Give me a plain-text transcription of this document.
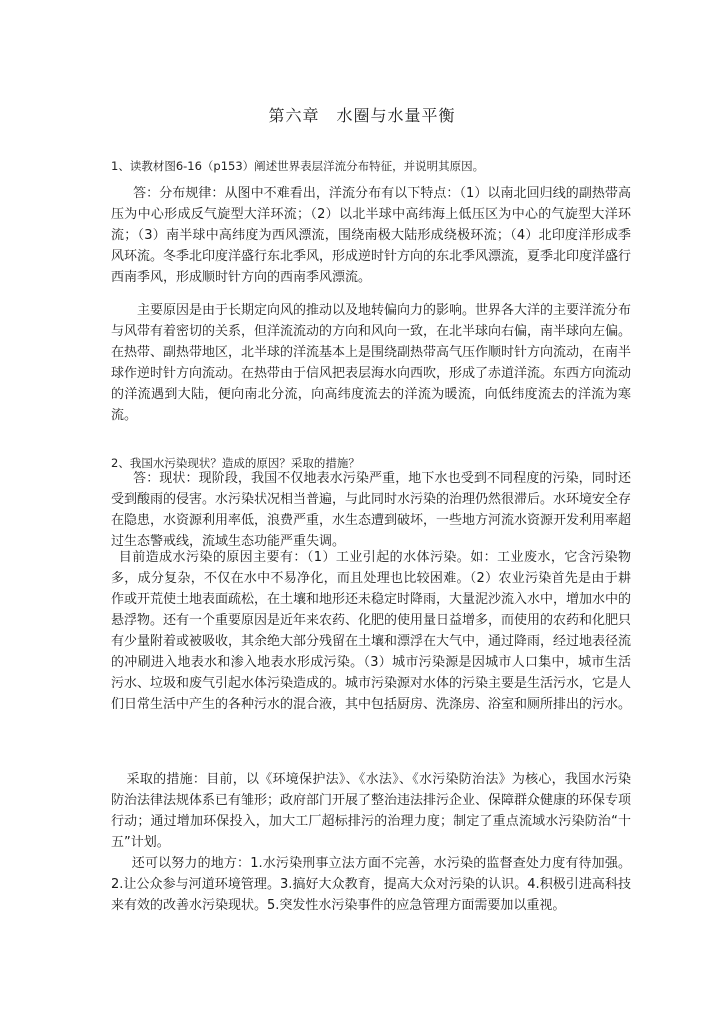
第六章　水圈与水量平衡
1、读教材图6-16（p153）阐述世界表层洋流分布特征，并说明其原因。
答：分布规律：从图中不难看出，洋流分布有以下特点：（1）以南北回归线的副热带高压为中心形成反气旋型大洋环流；（2）以北半球中高纬海上低压区为中心的气旋型大洋环流；（3）南半球中高纬度为西风漂流，围绕南极大陆形成绕极环流；（4）北印度洋形成季风环流。冬季北印度洋盛行东北季风，形成逆时针方向的东北季风漂流，夏季北印度洋盛行西南季风，形成顺时针方向的西南季风漂流。
主要原因是由于长期定向风的推动以及地转偏向力的影响。世界各大洋的主要洋流分布与风带有着密切的关系，但洋流流动的方向和风向一致，在北半球向右偏，南半球向左偏。在热带、副热带地区，北半球的洋流基本上是围绕副热带高气压作顺时针方向流动，在南半球作逆时针方向流动。在热带由于信风把表层海水向西吹，形成了赤道洋流。东西方向流动的洋流遇到大陆，便向南北分流，向高纬度流去的洋流为暖流，向低纬度流去的洋流为寒流。
2、我国水污染现状？造成的原因？采取的措施？
答：现状：现阶段，我国不仅地表水污染严重，地下水也受到不同程度的污染，同时还受到酸雨的侵害。水污染状况相当普遍，与此同时水污染的治理仍然很滞后。水环境安全存在隐患，水资源利用率低，浪费严重，水生态遭到破坏，一些地方河流水资源开发利用率超过生态警戒线，流域生态功能严重失调。
目前造成水污染的原因主要有：（1）工业引起的水体污染。如：工业废水，它含污染物多，成分复杂，不仅在水中不易净化，而且处理也比较困难。（2）农业污染首先是由于耕作或开荒使土地表面疏松，在土壤和地形还未稳定时降雨，大量泥沙流入水中，增加水中的悬浮物。还有一个重要原因是近年来农药、化肥的使用量日益增多，而使用的农药和化肥只有少量附着或被吸收，其余绝大部分残留在土壤和漂浮在大气中，通过降雨，经过地表径流的冲刷进入地表水和渗入地表水形成污染。（3）城市污染源是因城市人口集中，城市生活污水、垃圾和废气引起水体污染造成的。城市污染源对水体的污染主要是生活污水，它是人们日常生活中产生的各种污水的混合液，其中包括厨房、洗涤房、浴室和厕所排出的污水。
采取的措施：目前，以《环境保护法》、《水法》、《水污染防治法》为核心，我国水污染防治法律法规体系已有雏形；政府部门开展了整治违法排污企业、保障群众健康的环保专项行动；通过增加环保投入，加大工厂超标排污的治理力度；制定了重点流域水污染防治“十五”计划。
还可以努力的地方：1.水污染刑事立法方面不完善，水污染的监督查处力度有待加强。2.让公众参与河道环境管理。3.搞好大众教育，提高大众对污染的认识。4.积极引进高科技来有效的改善水污染现状。5.突发性水污染事件的应急管理方面需要加以重视。
